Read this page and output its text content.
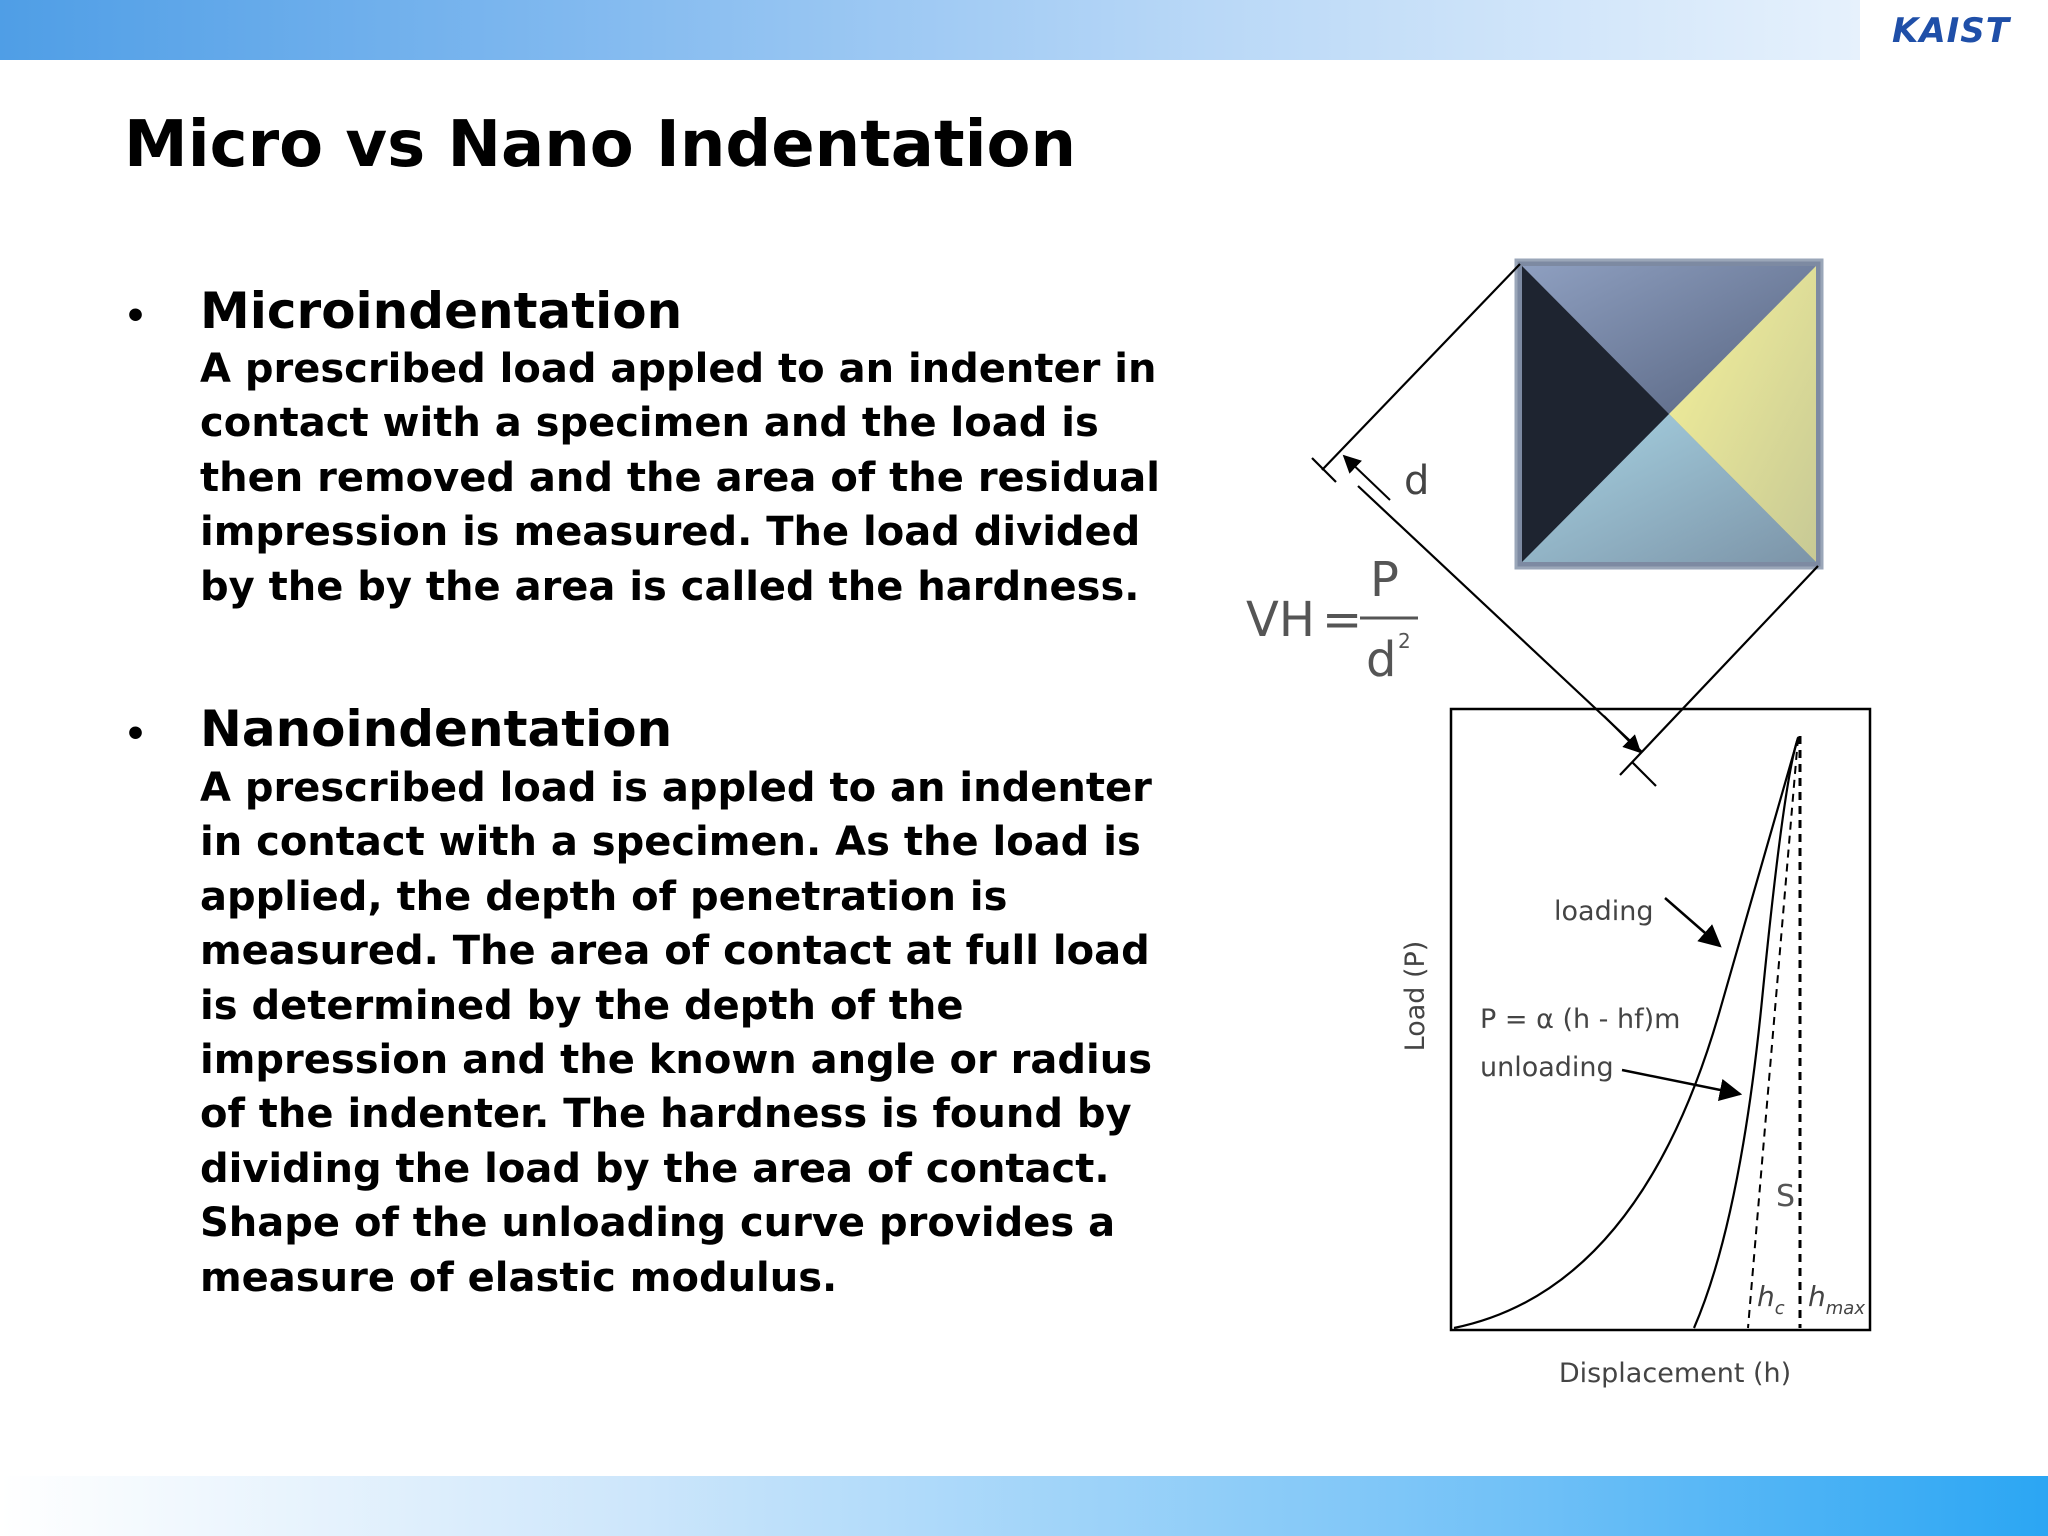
KAIST
Micro vs Nano Indentation
• Microindentation
A prescribed load appled to an indenter in
contact with a specimen and the load is
then removed and the area of the residual
impression is measured. The load divided
by the by the area is called the hardness.
• Nanoindentation
A prescribed load is appled to an indenter
in contact with a specimen. As the load is
applied, the depth of penetration is
measured. The area of contact at full load
is determined by the depth of the
impression and the known angle or radius
of the indenter. The hardness is found by
dividing the load by the area of contact.
Shape of the unloading curve provides a
measure of elastic modulus.
d
VH =
P
d 2
loading
P = α (h - hf)m
unloading
S
$h_c$ $h_{max}$
Displacement (h)
Load (P)
